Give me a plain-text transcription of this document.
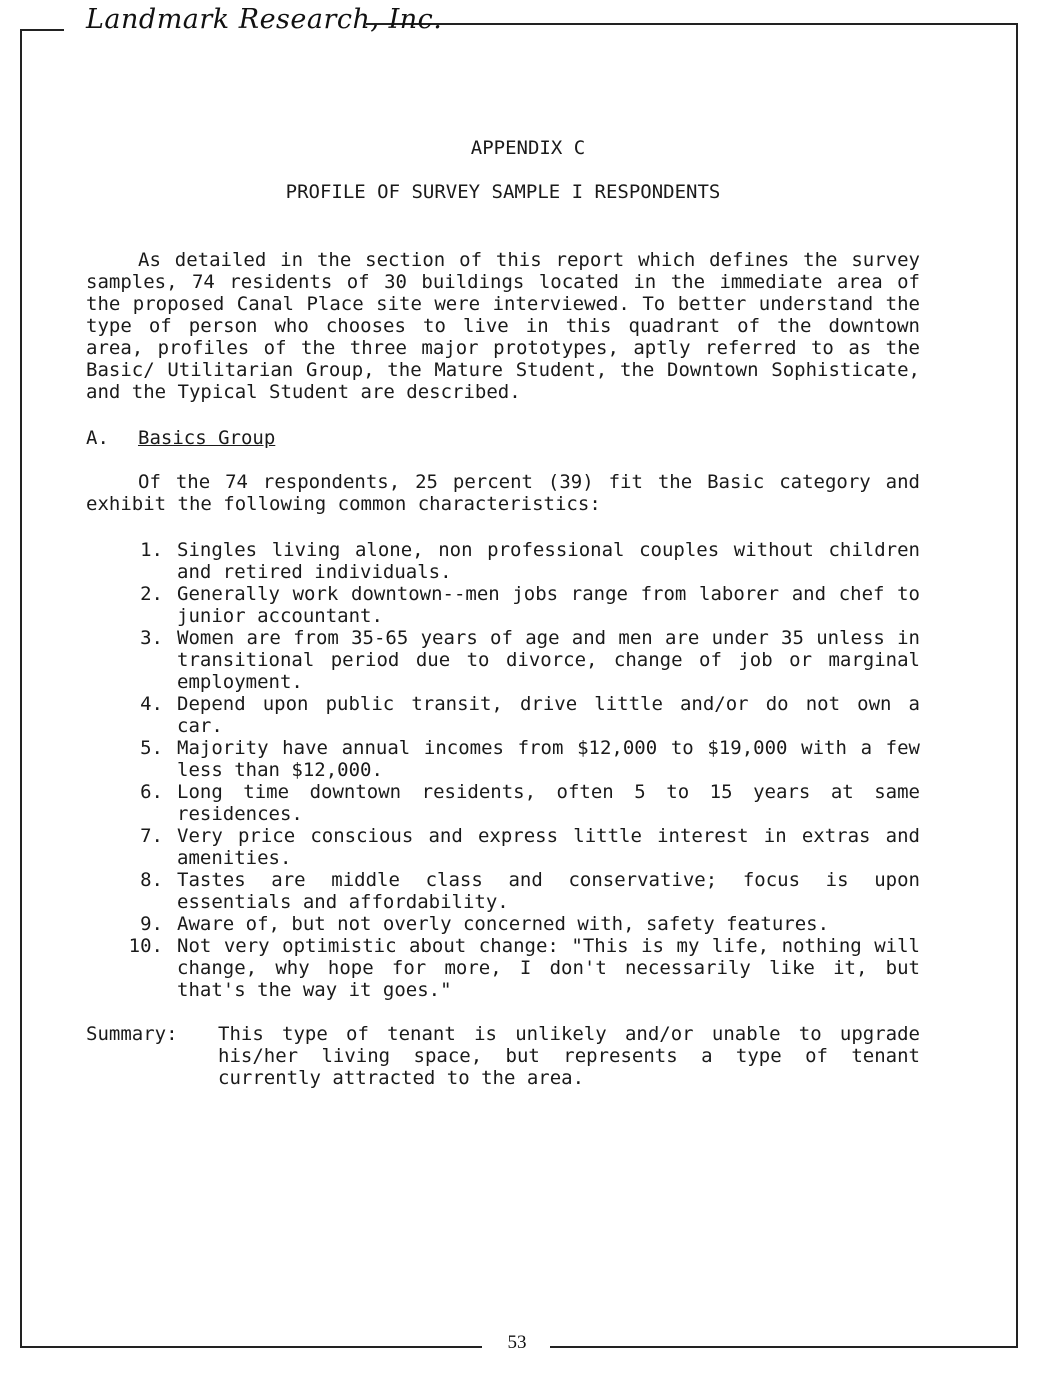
Landmark Research, Inc.
APPENDIX C
PROFILE OF SURVEY SAMPLE I RESPONDENTS

As detailed in the section of this report which defines the survey samples, 74 residents of 30 buildings located in the immediate area of the proposed Canal Place site were interviewed. To better understand the type of person who chooses to live in this quadrant of the downtown area, profiles of the three major prototypes, aptly referred to as the Basic/ Utilitarian Group, the Mature Student, the Downtown Sophisticate, and the Typical Student are described.

A.	Basics Group

Of the 74 respondents, 25 percent (39) fit the Basic category and exhibit the following common characteristics:

1. Singles living alone, non professional couples without children and retired individuals.
2. Generally work downtown--men jobs range from laborer and chef to junior accountant.
3. Women are from 35-65 years of age and men are under 35 unless in transitional period due to divorce, change of job or marginal employment.
4. Depend upon public transit, drive little and/or do not own a car.
5. Majority have annual incomes from $12,000 to $19,000 with a few less than $12,000.
6. Long time downtown residents, often 5 to 15 years at same residences.
7. Very price conscious and express little interest in extras and amenities.
8. Tastes are middle class and conservative; focus is upon essentials and affordability.
9. Aware of, but not overly concerned with, safety features.
10. Not very optimistic about change: "This is my life, nothing will change, why hope for more, I don't necessarily like it, but that's the way it goes."
Summary:	This type of tenant is unlikely and/or unable to upgrade his/her living space, but represents a type of tenant currently attracted to the area.
53
